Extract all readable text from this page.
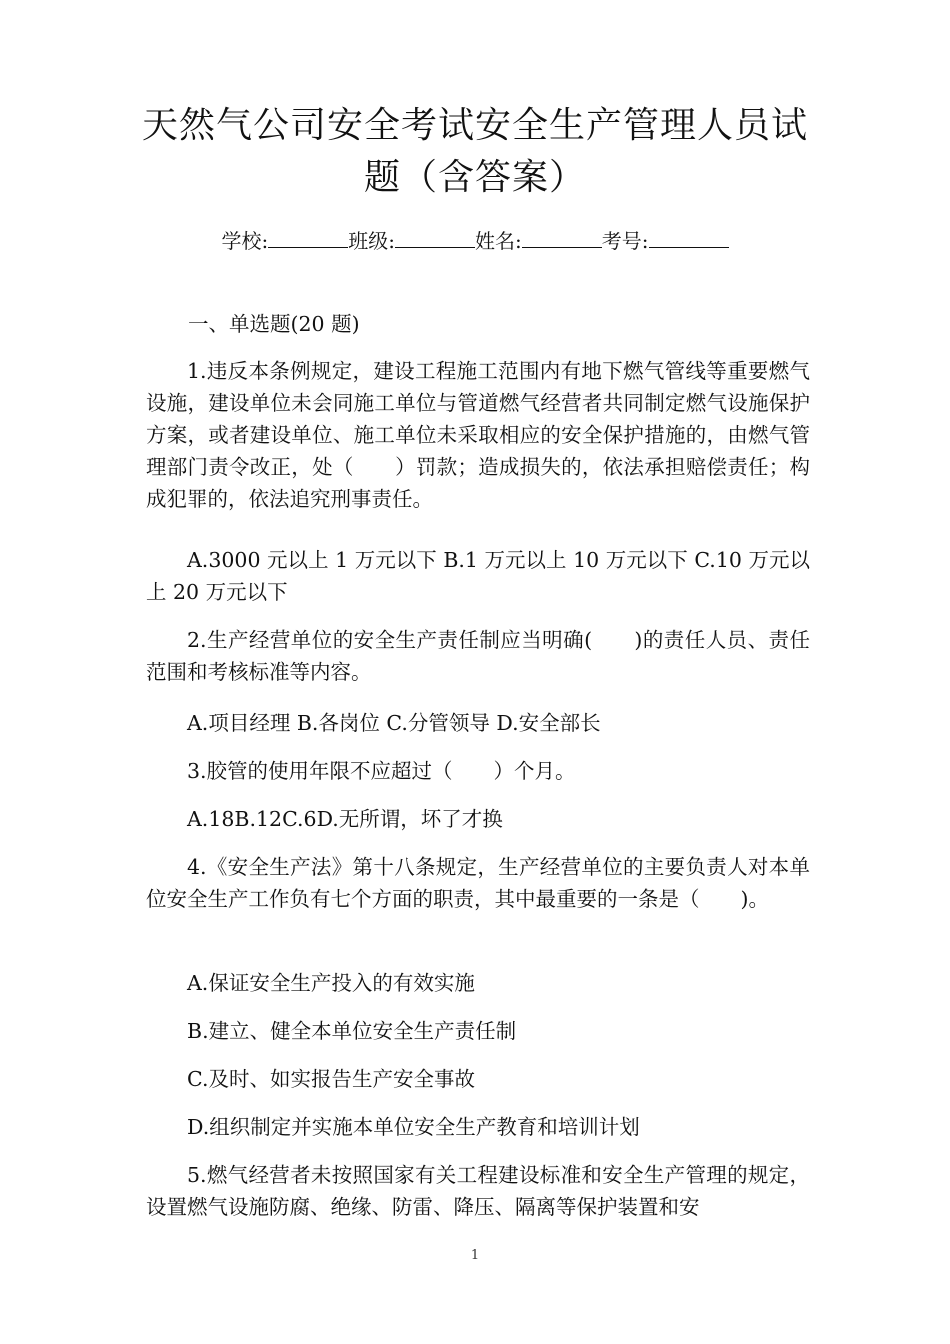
天然气公司安全考试安全生产管理人员试
题（含答案）
学校:	班级:	姓名:	考号:
一、单选题(20 题)

1.违反本条例规定，建设工程施工范围内有地下燃气管线等重要燃气设施，建设单位未会同施工单位与管道燃气经营者共同制定燃气设施保护方案，或者建设单位、施工单位未采取相应的安全保护措施的，由燃气管理部门责令改正，处（　　）罚款；造成损失的，依法承担赔偿责任；构成犯罪的，依法追究刑事责任。

A.3000 元以上 1 万元以下 B.1 万元以上 10 万元以下 C.10 万元以上 20 万元以下

2.生产经营单位的安全生产责任制应当明确(　　)的责任人员、责任范围和考核标准等内容。

A.项目经理 B.各岗位 C.分管领导 D.安全部长

3.胶管的使用年限不应超过（　　）个月。

A.18B.12C.6D.无所谓，坏了才换

4.《安全生产法》第十八条规定，生产经营单位的主要负责人对本单位安全生产工作负有七个方面的职责，其中最重要的一条是（　　)。

A.保证安全生产投入的有效实施

B.建立、健全本单位安全生产责任制

C.及时、如实报告生产安全事故

D.组织制定并实施本单位安全生产教育和培训计划

5.燃气经营者未按照国家有关工程建设标准和安全生产管理的规定，设置燃气设施防腐、绝缘、防雷、降压、隔离等保护装置和安

1
